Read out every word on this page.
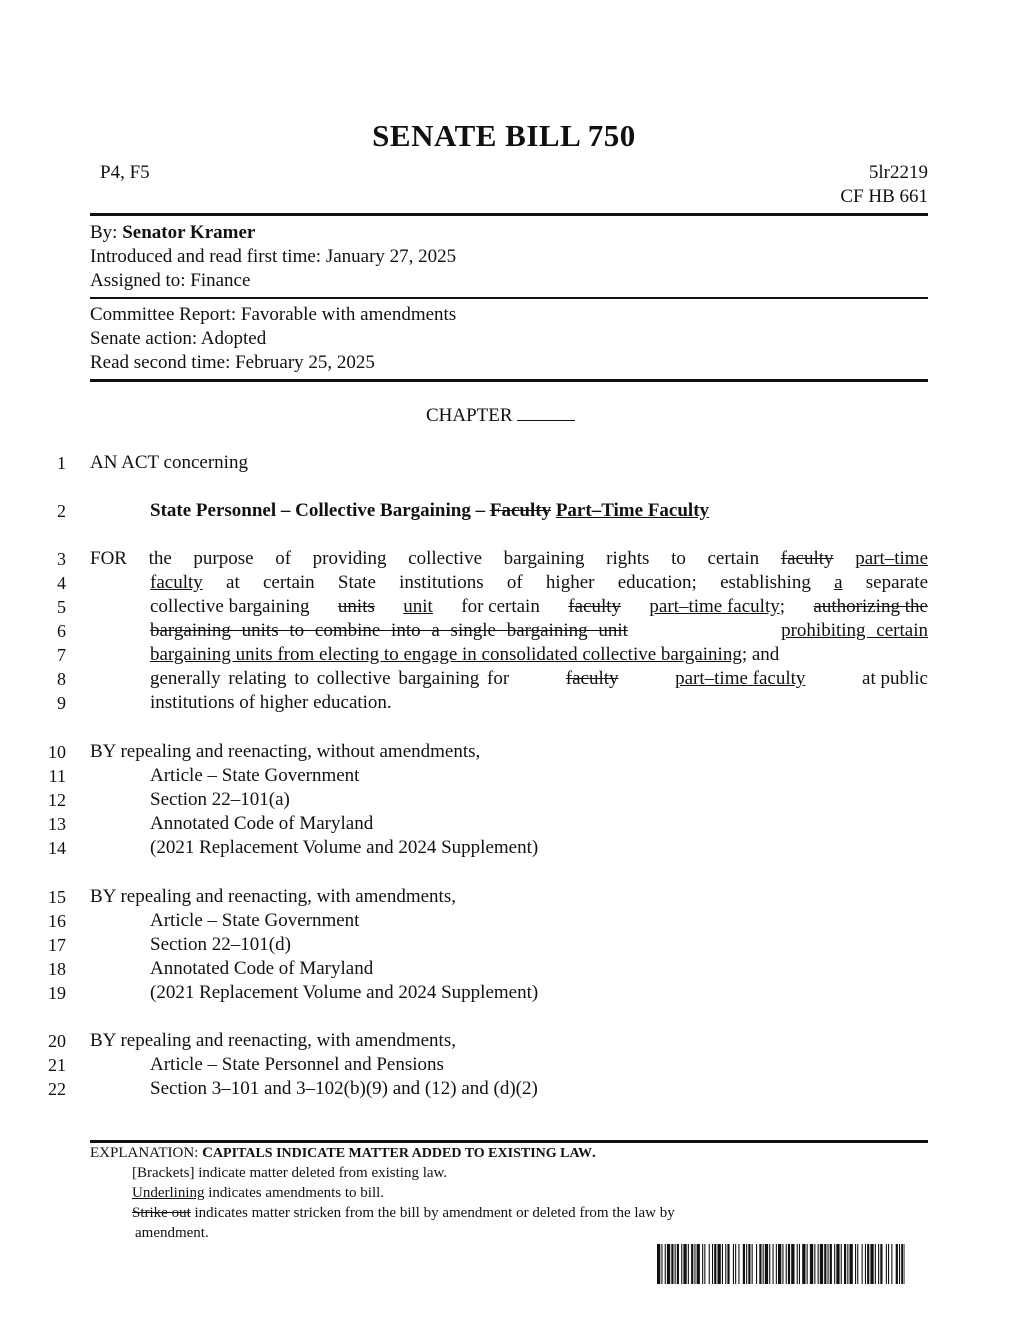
SENATE BILL 750
P4, F5	5lr2219
CF HB 661
By: Senator Kramer
Introduced and read first time: January 27, 2025
Assigned to: Finance
Committee Report: Favorable with amendments
Senate action: Adopted
Read second time: February 25, 2025
CHAPTER
1
2
3
4
5
6
7
8
9
10
11
12
13
14
15
16
17
18
19
20
21
22
AN ACT concerning
State Personnel – Collective Bargaining – Faculty Part–Time Faculty
FOR the purpose of providing collective bargaining rights to certain faculty part–time
faculty at certain State institutions of higher education; establishing a separate
collective bargaining units unit for certain faculty part–time faculty; authorizing the
bargaining units to combine into a single bargaining unit	prohibiting certain
bargaining units from electing to engage in consolidated collective bargaining; and
generally relating to collective bargaining for	faculty	part–time faculty	at public
institutions of higher education.
BY repealing and reenacting, without amendments,
Article – State Government
Section 22–101(a)
Annotated Code of Maryland
(2021 Replacement Volume and 2024 Supplement)
BY repealing and reenacting, with amendments,
Article – State Government
Section 22–101(d)
Annotated Code of Maryland
(2021 Replacement Volume and 2024 Supplement)
BY repealing and reenacting, with amendments,
Article – State Personnel and Pensions
Section 3–101 and 3–102(b)(9) and (12) and (d)(2)
EXPLANATION: CAPITALS INDICATE MATTER ADDED TO EXISTING LAW.
[Brackets] indicate matter deleted from existing law.
Underlining indicates amendments to bill.
Strike out indicates matter stricken from the bill by amendment or deleted from the law by
amendment.
